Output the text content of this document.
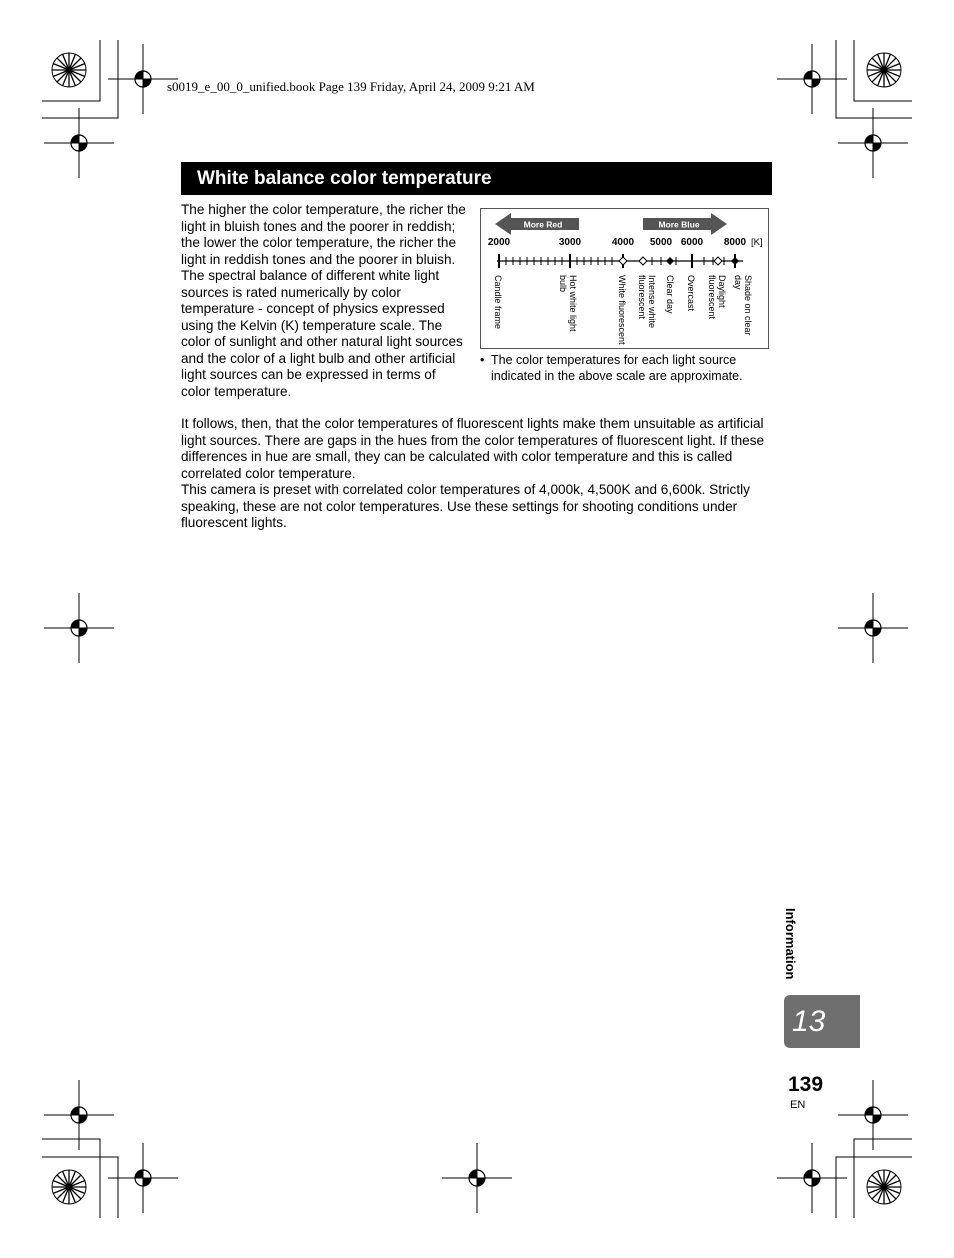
s0019_e_00_0_unified.book Page 139 Friday, April 24, 2009 9:21 AM
White balance color temperature
The higher the color temperature, the richer the light in bluish tones and the poorer in reddish; the lower the color temperature, the richer the light in reddish tones and the poorer in bluish. The spectral balance of different white light sources is rated numerically by color temperature - concept of physics expressed using the Kelvin (K) temperature scale. The color of sunlight and other natural light sources and the color of a light bulb and other artificial light sources can be expressed in terms of color temperature.
More Red	More Blue
2000	3000	4000 5000 6000 8000 [K]
Candle frame	Hot white light bulb	White fluorescent	Intense white fluorescent	Clear day Overcast	Daylight fluorescent	Shade on clear day
• The color temperatures for each light source indicated in the above scale are approximate.
It follows, then, that the color temperatures of fluorescent lights make them unsuitable as artificial light sources. There are gaps in the hues from the color temperatures of fluorescent light. If these differences in hue are small, they can be calculated with color temperature and this is called correlated color temperature.
This camera is preset with correlated color temperatures of 4,000k, 4,500K and 6,600k. Strictly speaking, these are not color temperatures. Use these settings for shooting conditions under fluorescent lights.
Information
13
139
EN
